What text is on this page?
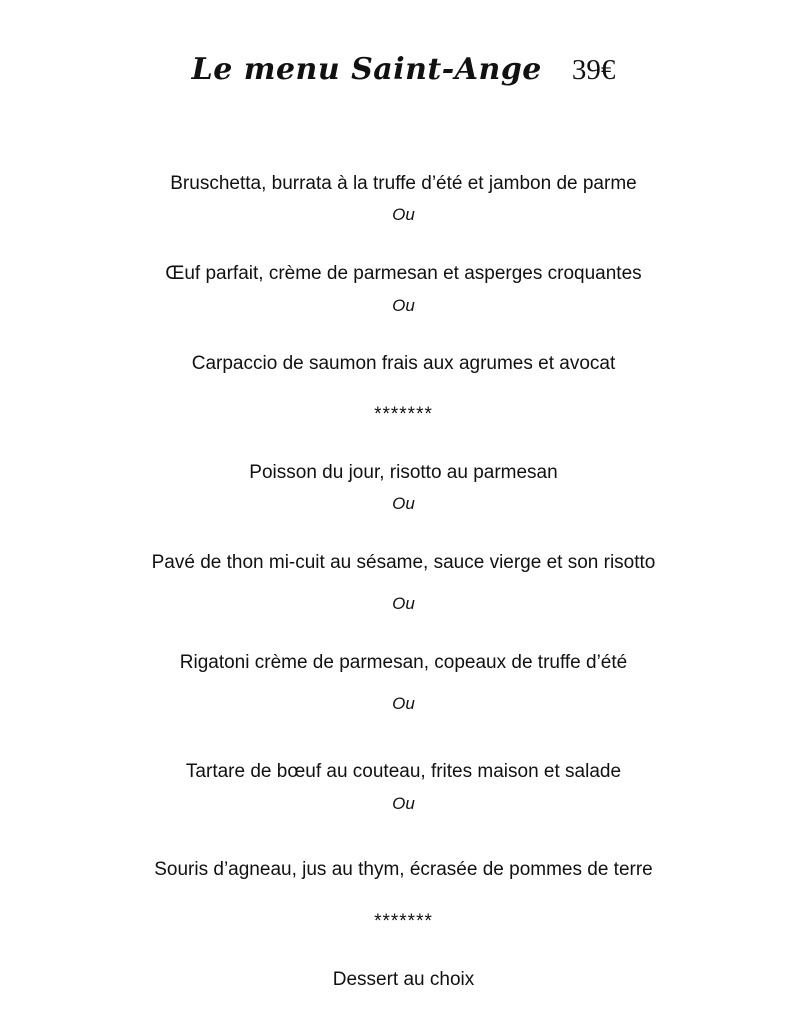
Le menu Saint-Ange 39€
Bruschetta, burrata à la truffe d’été et jambon de parme
Ou
Œuf parfait, crème de parmesan et asperges croquantes
Ou
Carpaccio de saumon frais aux agrumes et avocat
*******
Poisson du jour, risotto au parmesan
Ou
Pavé de thon mi-cuit au sésame, sauce vierge et son risotto
Ou
Rigatoni crème de parmesan, copeaux de truffe d’été
Ou
Tartare de bœuf au couteau, frites maison et salade
Ou
Souris d’agneau, jus au thym, écrasée de pommes de terre
*******
Dessert au choix
